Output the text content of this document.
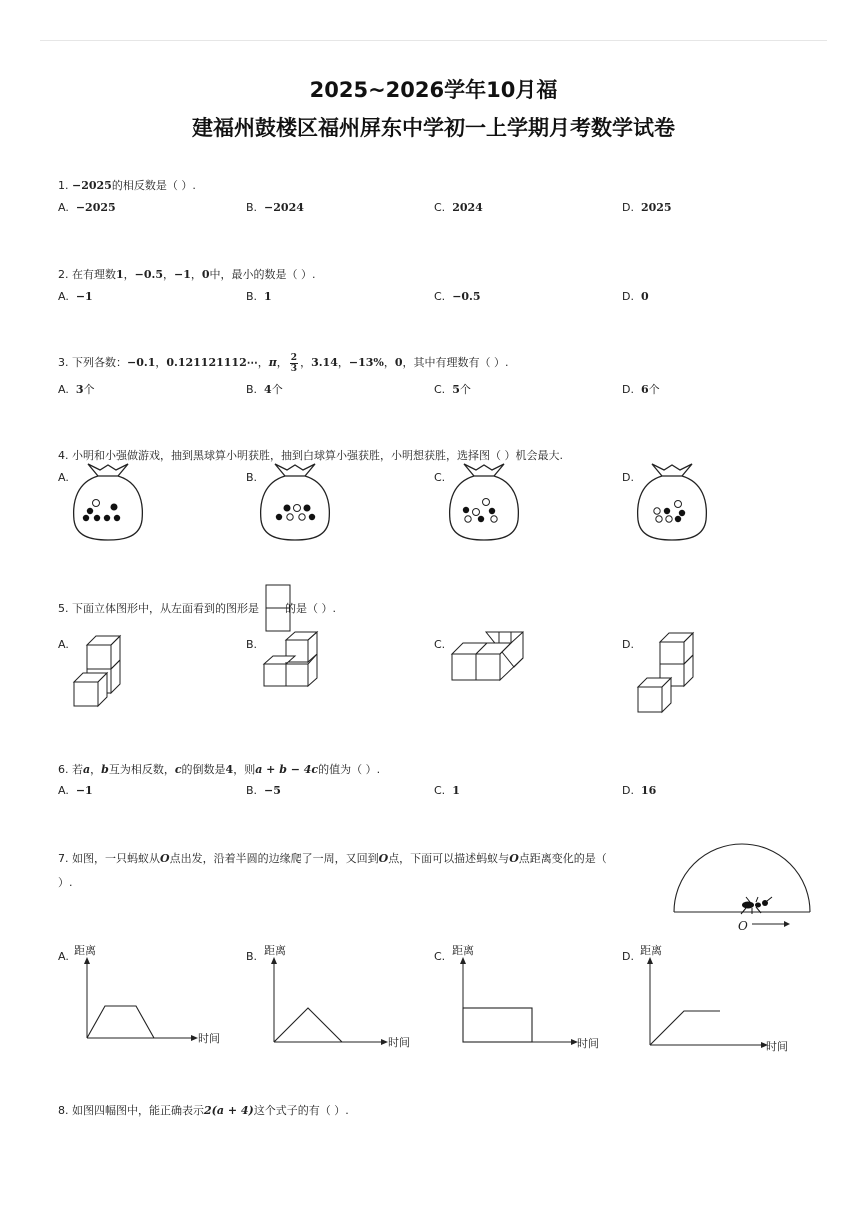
2025~2026学年10月福
建福州鼓楼区福州屏东中学初一上学期月考数学试卷
1. −2025的相反数是（ ）.
A. −2025	B. −2024	C. 2024	D. 2025
2. 在有理数1，−0.5，−1，0中，最小的数是（ ）.
A. −1	B. 1	C. −0.5	D. 0
3. 下列各数：−0.1，0.121121112⋯，π， $\frac{2}{3}$ ，3.14，−13%，0，其中有理数有（ ）.
A. 3个	B. 4个	C. 5个	D. 6个
4. 小明和小强做游戏，抽到黑球算小明获胜，抽到白球算小强获胜，小明想获胜，选择图（ ）机会最大.
A.	B.	C.	D.
5. 下面立体图形中，从左面看到的图形是 的是（ ）.
A.	B.	C.	D.
6. 若a，b互为相反数，c的倒数是4，则a + b − 4c的值为（ ）.
A. −1	B. −5	C. 1	D. 16
7. 如图，一只蚂蚁从O点出发，沿着半圆的边缘爬了一周，又回到O点，下面可以描述蚂蚁与O点距离变化的是（
）.
O
A.	B.	C.	D.
距离
时间
距离
时间
距离
时间
距离
时间
8. 如图四幅图中，能正确表示2(a + 4)这个式子的有（ ）.
